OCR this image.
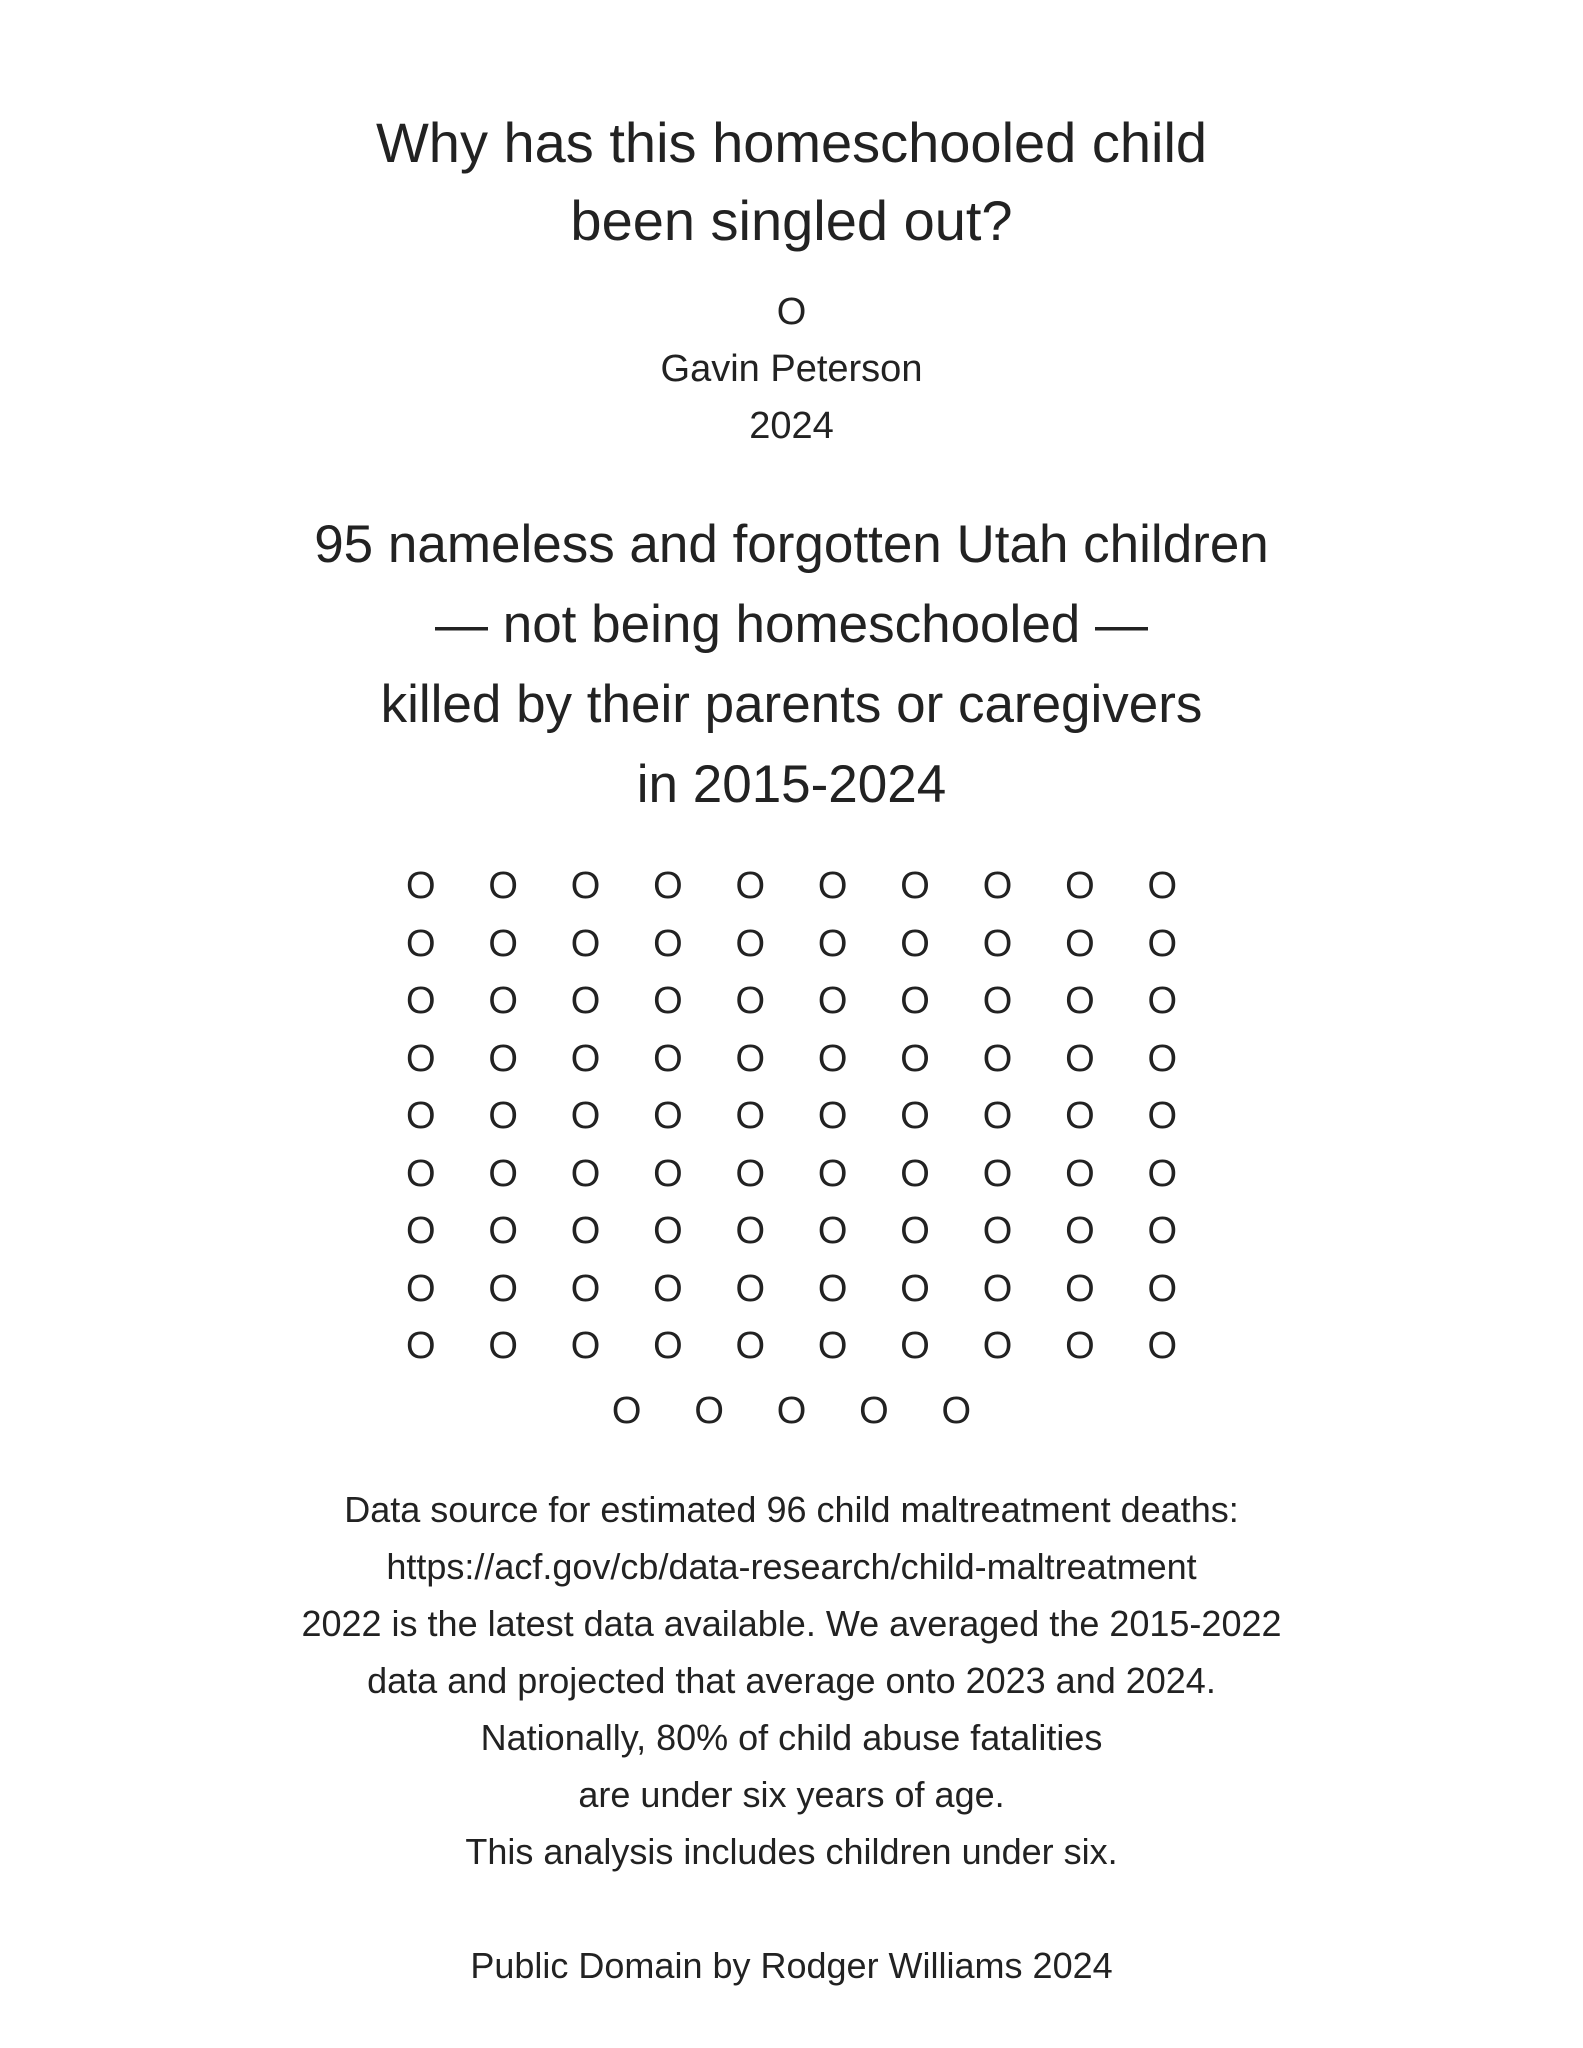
Why has this homeschooled child
been singled out?
O
Gavin Peterson
2024
95 nameless and forgotten Utah children
— not being homeschooled —
killed by their parents or caregivers
in 2015-2024
O	O	O	O	O	O	O	O	O	O
O	O	O	O	O	O	O	O	O	O
O	O	O	O	O	O	O	O	O	O
O	O	O	O	O	O	O	O	O	O
O	O	O	O	O	O	O	O	O	O
O	O	O	O	O	O	O	O	O	O
O	O	O	O	O	O	O	O	O	O
O	O	O	O	O	O	O	O	O	O
O	O	O	O	O	O	O	O	O	O
O	O	O	O	O
Data source for estimated 96 child maltreatment deaths:
https://acf.gov/cb/data-research/child-maltreatment
2022 is the latest data available. We averaged the 2015-2022
data and projected that average onto 2023 and 2024.
Nationally, 80% of child abuse fatalities
are under six years of age.
This analysis includes children under six.
Public Domain by Rodger Williams 2024
